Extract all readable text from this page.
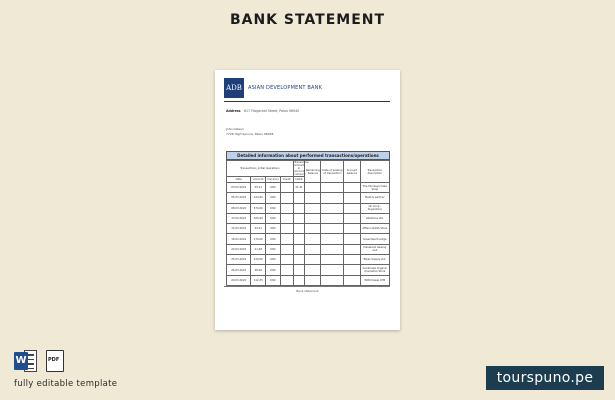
BANK STATEMENT
ADB	ASIAN DEVELOPMENT BANK
Address	617 Fitzgerald Street, Palau 96940
John Gibson
7726 High Spruce, Palau 96948
Detailed information about performed transactions/operations
Transactions_initial operations				Transaction amount in account currency	Remaining balance	Date of posting of transaction	Account balance	Transaction description
Date	Amount	Currency	Credit	Debit				
03.03.2022	35,41	USD		31,41				The Monkeys Cake Shop
05.03.2022	124,00	USD						Meat & partner
08.03.2022	570,00	USD						Oil Coop - Superstore
13.03.2022	165,90	USD						Albatross Ltd.
15.03.2022	32,41	USD						Affairs Outlet Store
18.03.2022	170,00	USD						Greenheart Lodge
20.03.2022	21,48	USD						Cleveland Sewing and
25.03.2022	220,00	USD						Bikes Supply Ltd.
26.03.2022	38,40	USD						GoldCreek Organic Cosmetics Store
29.03.2022	112,35	USD						Withdrawal ATM
Bank statement
W	PDF
fully editable template	tourspuno.pe
